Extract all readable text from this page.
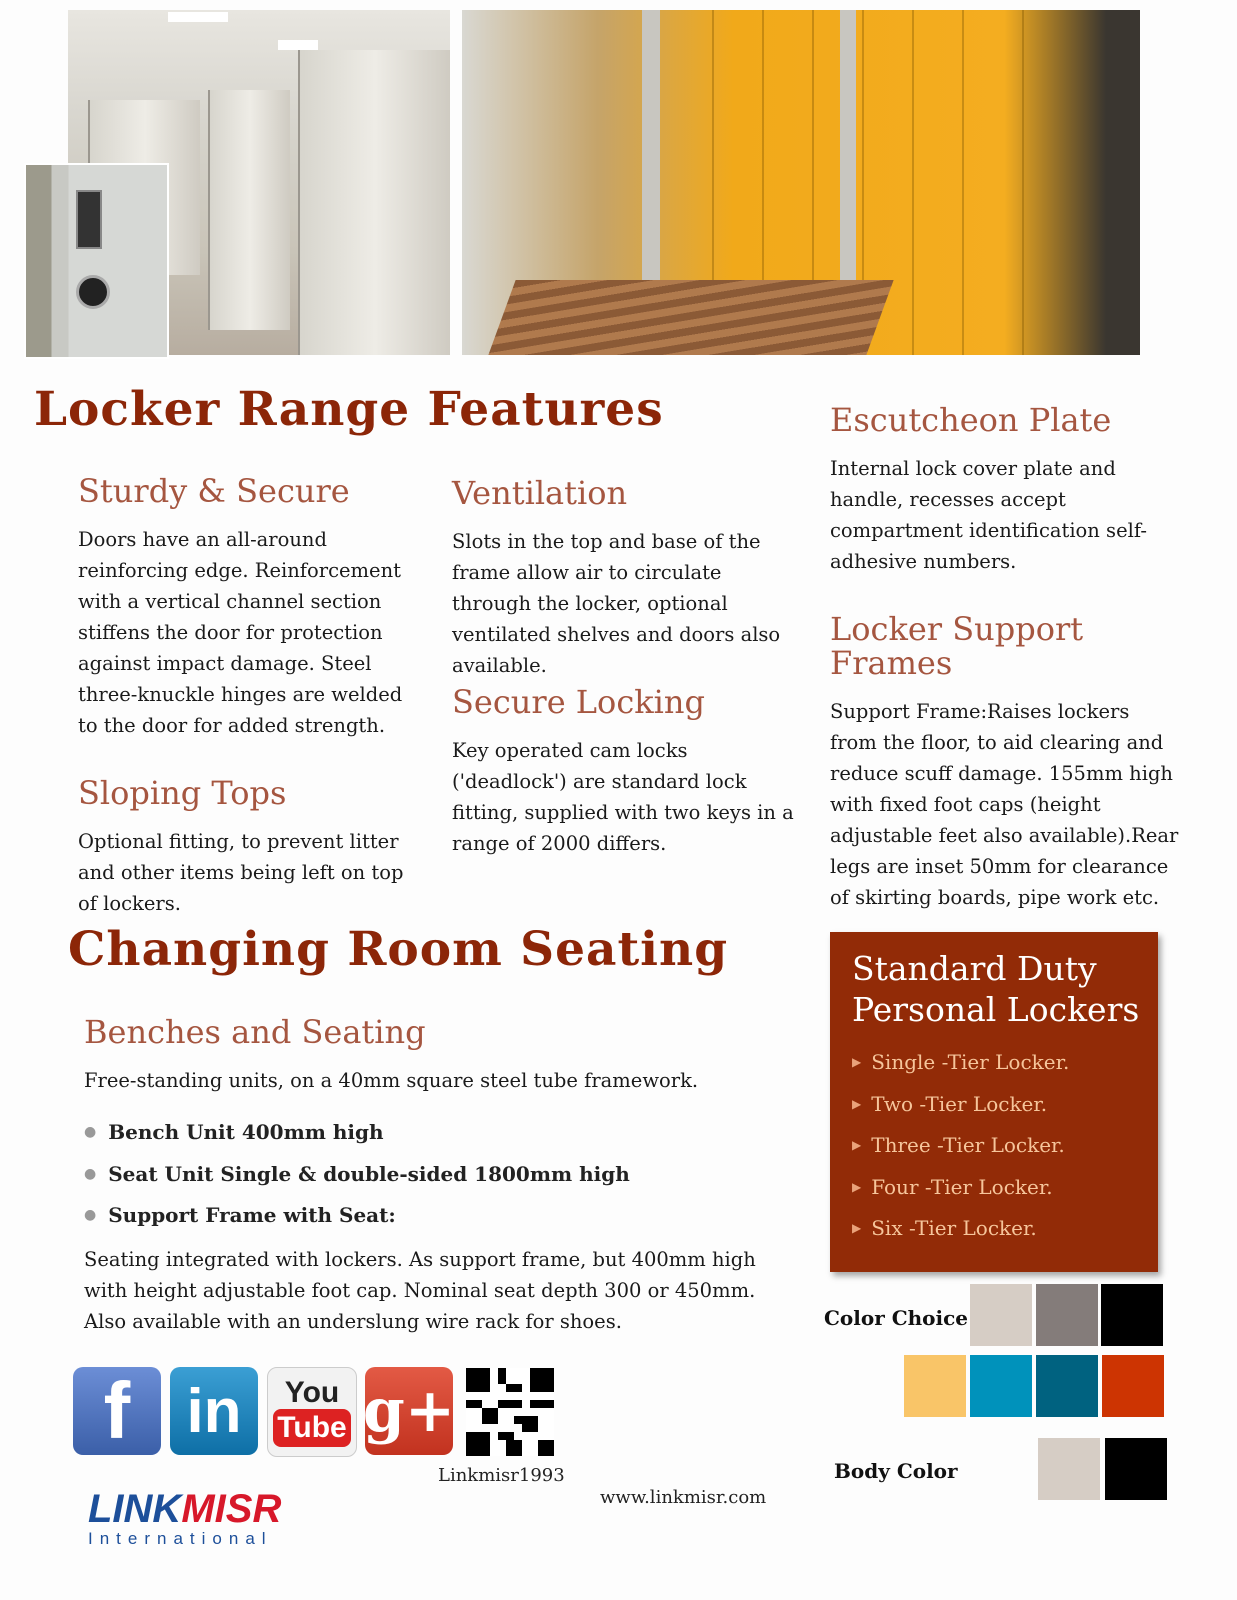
Locker Range Features
Sturdy & Secure

Doors have an all-around reinforcing edge. Reinforcement with a vertical channel section stiffens the door for protection against impact damage. Steel three-knuckle hinges are welded to the door for added strength.

Sloping Tops

Optional fitting, to prevent litter and other items being left on top of lockers.

Ventilation

Slots in the top and base of the frame allow air to circulate through the locker, optional ventilated shelves and doors also available.

Secure Locking

Key operated cam locks ('deadlock') are standard lock fitting, supplied with two keys in a range of 2000 differs.

Escutcheon Plate

Internal lock cover plate and handle, recesses accept compartment identification self-adhesive numbers.

Locker Support Frames

Support Frame:Raises lockers from the floor, to aid clearing and reduce scuff damage. 155mm high with fixed foot caps (height adjustable feet also available).Rear legs are inset 50mm for clearance of skirting boards, pipe work etc.

Changing Room Seating
Benches and Seating

Free-standing units, on a 40mm square steel tube framework.

● Bench Unit 400mm high
● Seat Unit Single & double-sided 1800mm high
● Support Frame with Seat:

Seating integrated with lockers. As support frame, but 400mm high with height adjustable foot cap. Nominal seat depth 300 or 450mm. Also available with an underslung wire rack for shoes.

Standard Duty Personal Lockers
▶ Single -Tier Locker.
▶ Two -Tier Locker.
▶ Three -Tier Locker.
▶ Four -Tier Locker.
▶ Six -Tier Locker.
Color Choice
Body Color
f in	You
Tube g+
Linkmisr1993
www.linkmisr.com
LINKMISR
International
